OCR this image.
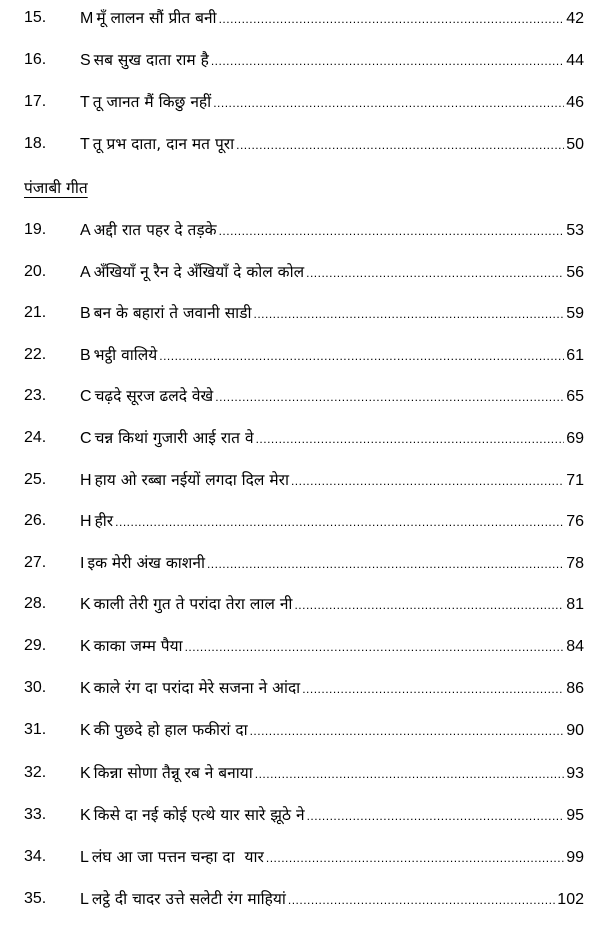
15. M मूँ लालन सौं प्रीत बनी .....	42
16. S सब सुख दाता राम है .....	44
17. T तू जानत मैं किछु नहीं .....	46
18. T तू प्रभ दाता, दान मत पूरा .....	50
पंजाबी गीत
19. A अद्दी रात पहर दे तड़के .....	53
20. A अँखियाँ नू रैन दे अँखियाँ दे कोल कोल .....	56
21. B बन के बहारां ते जवानी साडी .....	59
22. B भट्ठी वालिये .....	61
23. C चढ़दे सूरज ढलदे वेखे .....	65
24. C चन्न किथां गुजारी आई रात वे .....	69
25. H हाय ओ रब्बा नईयों लगदा दिल मेरा .....	71
26. H हीर .....	76
27. I इक मेरी अंख काशनी .....	78
28. K काली तेरी गुत ते परांदा तेरा लाल नी .....	81
29. K काका जम्म पैया .....	84
30. K काले रंग दा परांदा मेरे सजना ने आंदा .....	86
31. K की पुछदे हो हाल फकीरां दा .....	90
32. K किन्ना सोणा तैन्नू रब ने बनाया .....	93
33. K किसे दा नई कोई एत्थे यार सारे झूठे ने .....	95
34. L लंघ आ जा पत्तन चन्हा दा  यार .....	99
35. L लट्ठे दी चादर उत्ते सलेटी रंग माहियां .....	102
